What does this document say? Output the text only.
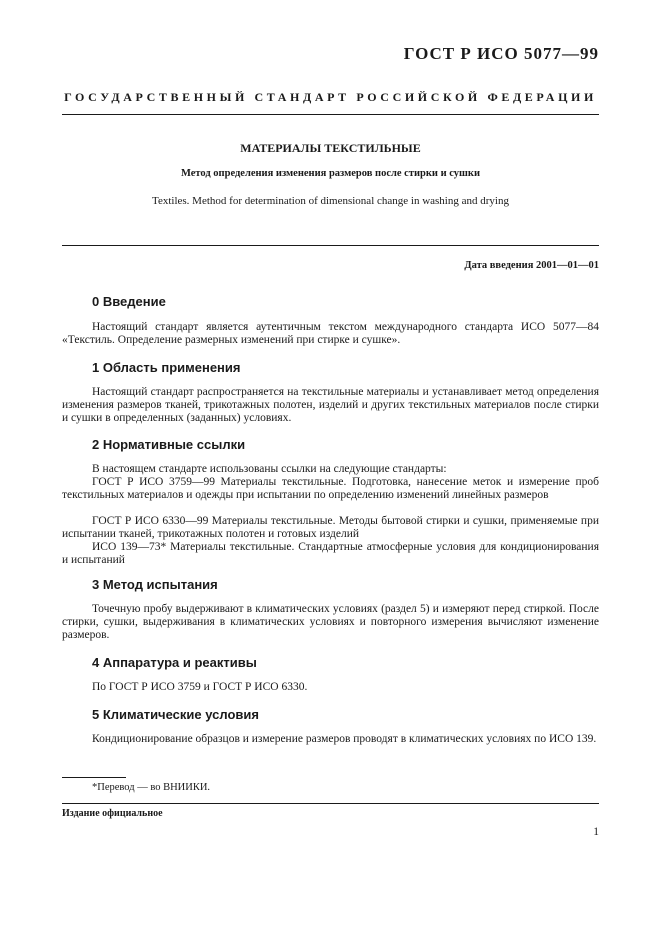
ГОСТ Р ИСО 5077—99

ГОСУДАРСТВЕННЫЙ СТАНДАРТ РОССИЙСКОЙ ФЕДЕРАЦИИ

МАТЕРИАЛЫ ТЕКСТИЛЬНЫЕ

Метод определения изменения размеров после стирки и сушки

Textiles. Method for determination of dimensional change in washing and drying

Дата введения 2001—01—01

0 Введение

Настоящий стандарт является аутентичным текстом международного стандарта ИСО 5077—84 «Текстиль. Определение размерных изменений при стирке и сушке».

1 Область применения

Настоящий стандарт распространяется на текстильные материалы и устанавливает метод определения изменения размеров тканей, трикотажных полотен, изделий и других текстильных материалов после стирки и сушки в определенных (заданных) условиях.

2 Нормативные ссылки

В настоящем стандарте использованы ссылки на следующие стандарты:

ГОСТ Р ИСО 3759—99 Материалы текстильные. Подготовка, нанесение меток и измерение проб текстильных материалов и одежды при испытании по определению изменений линейных размеров

ГОСТ Р ИСО 6330—99 Материалы текстильные. Методы бытовой стирки и сушки, применяемые при испытании тканей, трикотажных полотен и готовых изделий

ИСО 139—73* Материалы текстильные. Стандартные атмосферные условия для кондиционирования и испытаний

3 Метод испытания

Точечную пробу выдерживают в климатических условиях (раздел 5) и измеряют перед стиркой. После стирки, сушки, выдерживания в климатических условиях и повторного измерения вычисляют изменение размеров.

4 Аппаратура и реактивы

По ГОСТ Р ИСО 3759 и ГОСТ Р ИСО 6330.

5 Климатические условия

Кондиционирование образцов и измерение размеров проводят в климатических условиях по ИСО 139.

*Перевод — во ВНИИКИ.

Издание официальное

1
